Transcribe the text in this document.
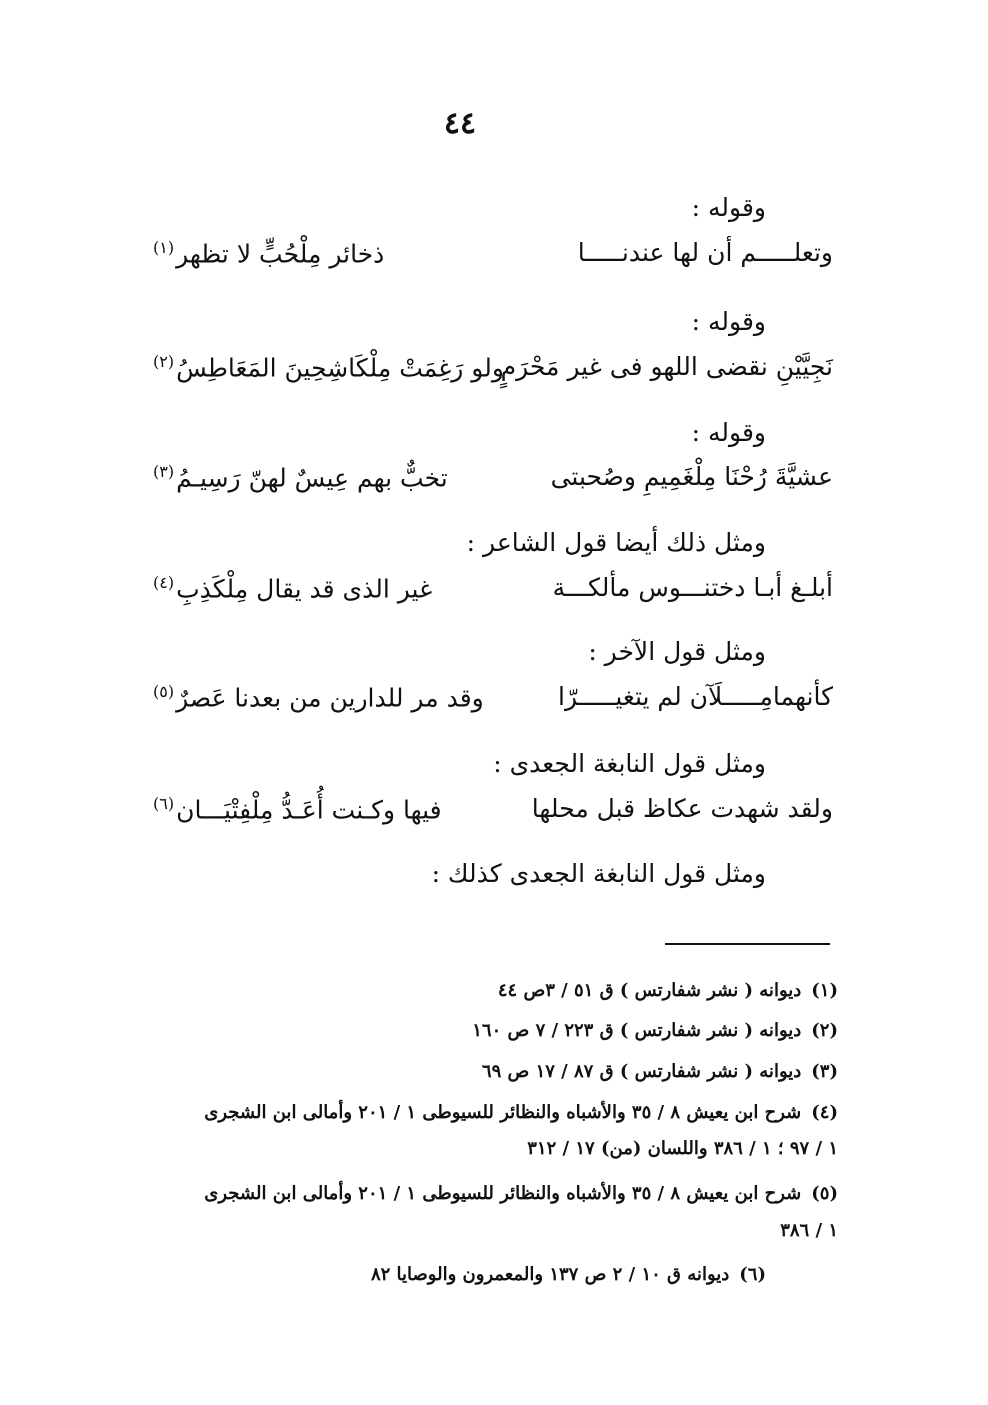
٤٤
وقوله :
وتعلـــــم أن لها عندنـــــا
ذخائر مِلْحُبٍّ لا تظهر$^{(١)}$
وقوله :
نَجِيَّيْنِ نقضى اللهو فى غير مَحْرَمٍ
ولو رَغِمَتْ مِلْكَاشِحِينَ المَعَاطِسُ$^{(٢)}$
وقوله :
عشيَّةَ رُحْنَا مِلْغَمِيمِ وصُحبتى
تخبٌّ بهم عِيسٌ لهنّ رَسِيـمُ$^{(٣)}$
ومثل ذلك أيضا قول الشاعر :
أبلـغ أبـا دختنـــوس مألكـــة
غير الذى قد يقال مِلْكَذِبِ$^{(٤)}$
ومثل قول الآخر :
كأنهمامِـــــلَآن لم يتغيـــــرّا
وقد مر للدارين من بعدنا عَصرٌ$^{(٥)}$
ومثل قول النابغة الجعدى :
ولقد شهدت عكاظ قبل محلها
فيها وكـنت أُعَـدُّ مِلْفِتْيَـــان$^{(٦)}$
ومثل قول النابغة الجعدى كذلك :
(١)ديوانه ( نشر شفارتس ) ق ٥١ / ٣ص ٤٤
(٢)ديوانه ( نشر شفارتس ) ق ٢٢٣ / ٧ ص ١٦٠
(٣)ديوانه ( نشر شفارتس ) ق ٨٧ / ١٧ ص ٦٩
(٤)شرح ابن يعيش ٨ / ٣٥ والأشباه والنظائر للسيوطى ١ / ٢٠١ وأمالى ابن الشجرى
١ / ٩٧ ؛ ١ / ٣٨٦ واللسان (من) ١٧ / ٣١٢
(٥)شرح ابن يعيش ٨ / ٣٥ والأشباه والنظائر للسيوطى ١ / ٢٠١ وأمالى ابن الشجرى
١ / ٣٨٦
(٦)ديوانه ق ١٠ / ٢ ص ١٣٧ والمعمرون والوصايا ٨٢
